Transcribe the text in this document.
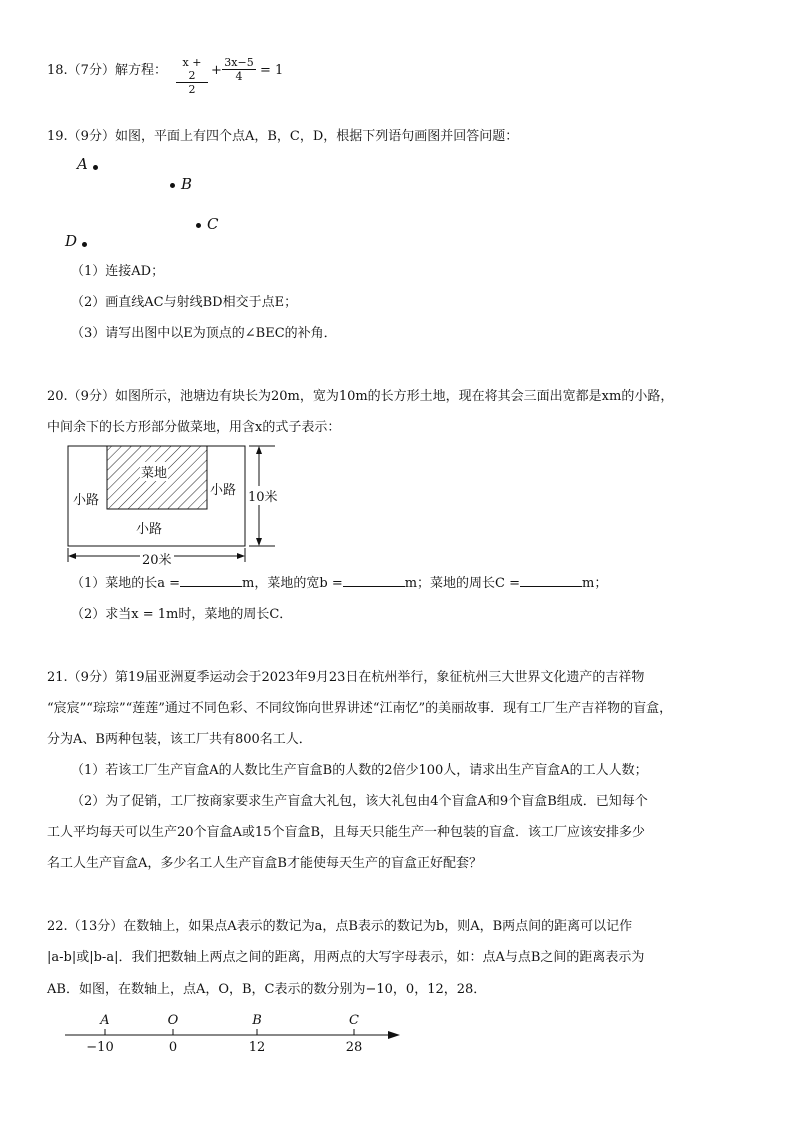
18.（7分）解方程： $\frac{x + 2}{2} + \frac{3x-5}{4} = 1$
19.（9分）如图，平面上有四个点A，B，C，D，根据下列语句画图并回答问题：
A
B
C
D
（1）连接AD；
（2）画直线AC与射线BD相交于点E；
（3）请写出图中以E为顶点的∠BEC的补角．
20.（9分）如图所示，池塘边有块长为20m，宽为10m的长方形土地，现在将其会三面出宽都是xm的小路，
中间余下的长方形部分做菜地，用含x的式子表示：
菜地
小路
小路
小路
10米
20米
（1）菜地的长a =	m，菜地的宽b =	m；菜地的周长C =	m；
（2）求当x = 1m时，菜地的周长C．
21.（9分）第19届亚洲夏季运动会于2023年9月23日在杭州举行，象征杭州三大世界文化遗产的吉祥物
“宸宸”“琮琮”“莲莲”通过不同色彩、不同纹饰向世界讲述“江南忆”的美丽故事．现有工厂生产吉祥物的盲盒，
分为A、B两种包装，该工厂共有800名工人．
（1）若该工厂生产盲盒A的人数比生产盲盒B的人数的2倍少100人，请求出生产盲盒A的工人人数；
（2）为了促销，工厂按商家要求生产盲盒大礼包，该大礼包由4个盲盒A和9个盲盒B组成．已知每个
工人平均每天可以生产20个盲盒A或15个盲盒B，且每天只能生产一种包装的盲盒．该工厂应该安排多少
名工人生产盲盒A，多少名工人生产盲盒B才能使每天生产的盲盒正好配套？
22.（13分）在数轴上，如果点A表示的数记为a，点B表示的数记为b，则A，B两点间的距离可以记作
|a-b|或|b-a|．我们把数轴上两点之间的距离，用两点的大写字母表示，如：点A与点B之间的距离表示为
AB．如图，在数轴上，点A，O，B，C表示的数分别为−10，0，12，28．
A	O	B	C
−10	0	12	28
